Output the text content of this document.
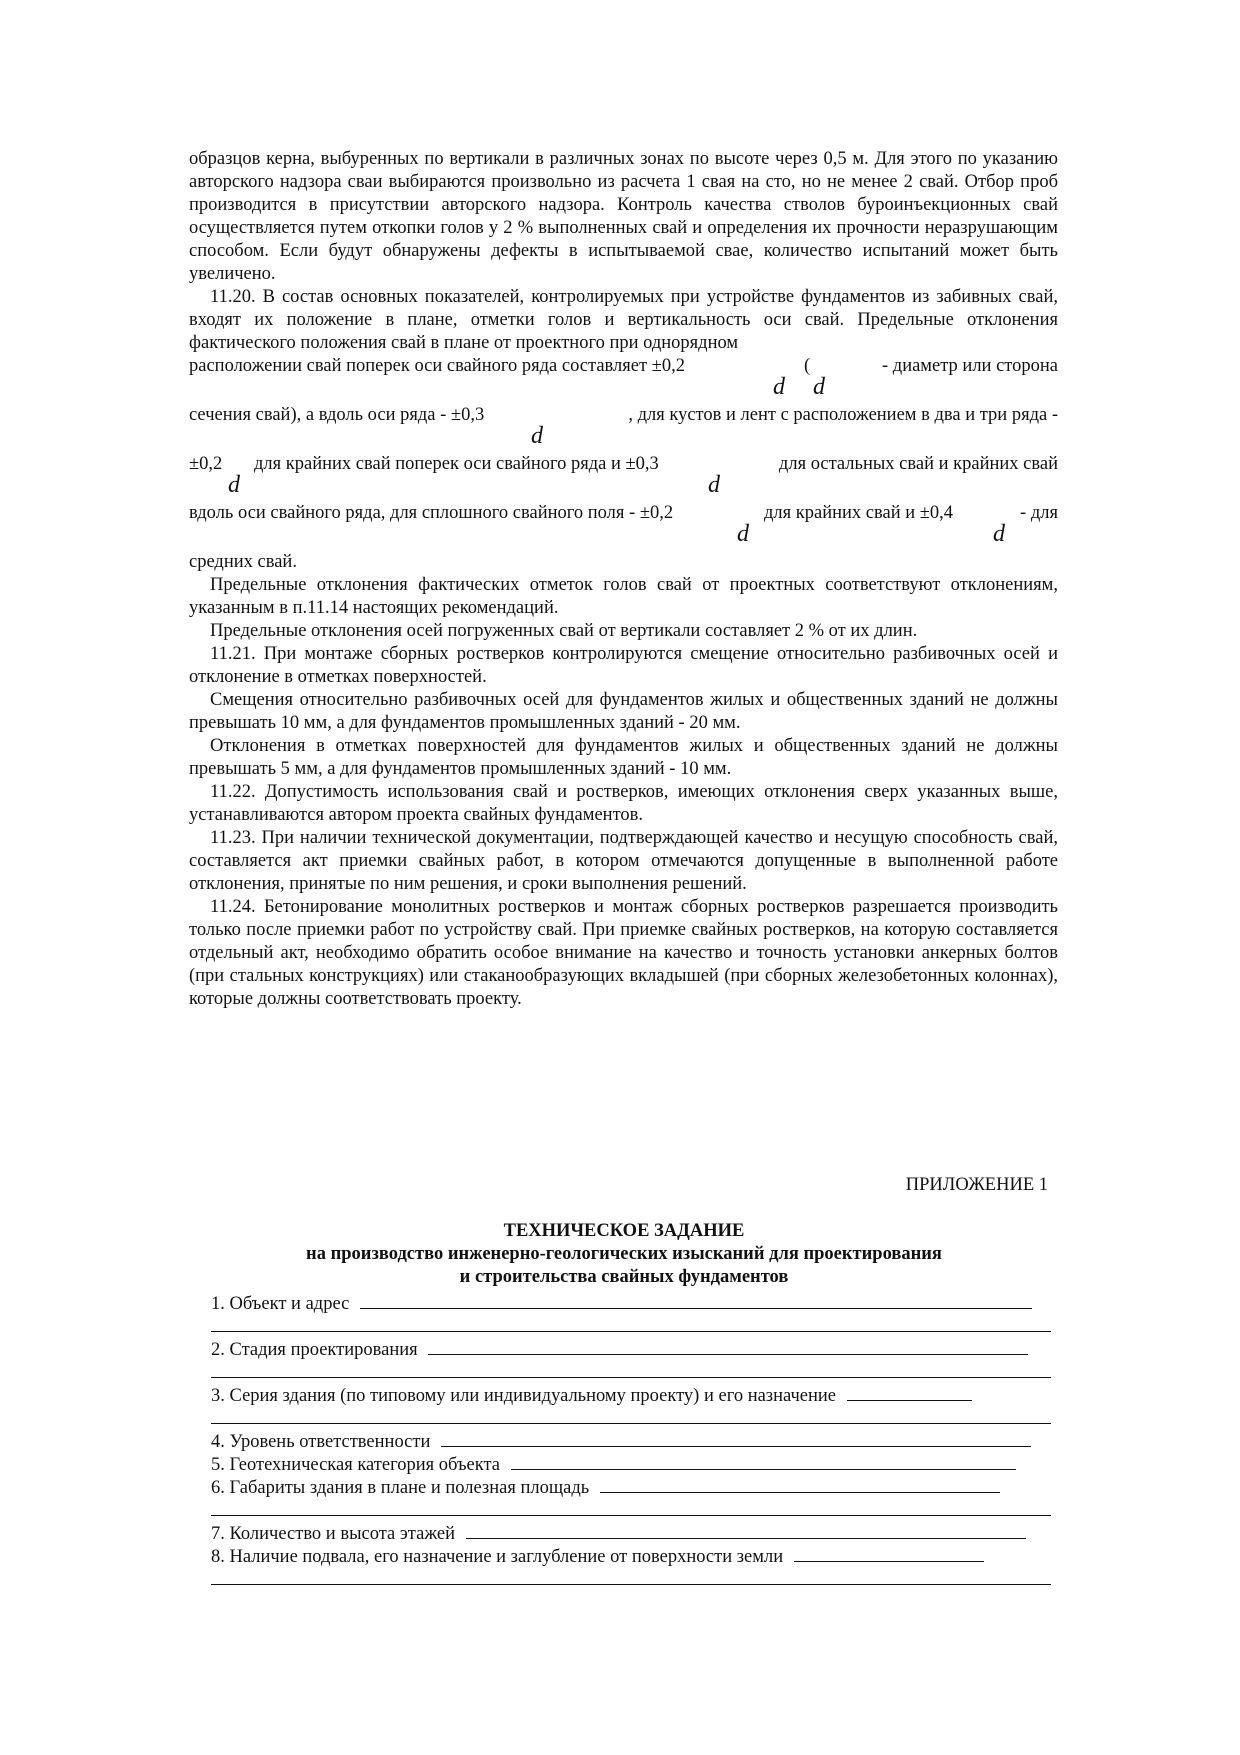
образцов керна, выбуренных по вертикали в различных зонах по высоте через 0,5 м. Для этого по указанию авторского надзора сваи выбираются произвольно из расчета 1 свая на сто, но не менее 2 свай. Отбор проб производится в присутствии авторского надзора. Контроль качества стволов буроинъекционных свай осуществляется путем откопки голов у 2 % выполненных свай и определения их прочности неразрушающим способом. Если будут обнаружены дефекты в испытываемой свае, количество испытаний может быть увеличено.

11.20. В состав основных показателей, контролируемых при устройстве фундаментов из забивных свай, входят их положение в плане, отметки голов и вертикальность оси свай. Предельные отклонения фактического положения свай в плане от проектного при однорядном

расположении свай поперек оси свайного ряда составляет ±0,2	(	- диаметр или сторона
d d
сечения свай), а вдоль оси ряда - ±0,3	, для кустов и лент с расположением в два и три ряда -
d
±0,2 для крайних свай поперек оси свайного ряда и ±0,3	для остальных свай и крайних свай
d	d
вдоль оси свайного ряда, для сплошного свайного поля - ±0,2	для крайних свай и ±0,4	- для
d	d

средних свай.

Предельные отклонения фактических отметок голов свай от проектных соответствуют отклонениям, указанным в п.11.14 настоящих рекомендаций.

Предельные отклонения осей погруженных свай от вертикали составляет 2 % от их длин.

11.21. При монтаже сборных ростверков контролируются смещение относительно разбивочных осей и отклонение в отметках поверхностей.

Смещения относительно разбивочных осей для фундаментов жилых и общественных зданий не должны превышать 10 мм, а для фундаментов промышленных зданий - 20 мм.

Отклонения в отметках поверхностей для фундаментов жилых и общественных зданий не должны превышать 5 мм, а для фундаментов промышленных зданий - 10 мм.

11.22. Допустимость использования свай и ростверков, имеющих отклонения сверх указанных выше, устанавливаются автором проекта свайных фундаментов.

11.23. При наличии технической документации, подтверждающей качество и несущую способность свай, составляется акт приемки свайных работ, в котором отмечаются допущенные в выполненной работе отклонения, принятые по ним решения, и сроки выполнения решений.

11.24. Бетонирование монолитных ростверков и монтаж сборных ростверков разрешается производить только после приемки работ по устройству свай. При приемке свайных ростверков, на которую составляется отдельный акт, необходимо обратить особое внимание на качество и точность установки анкерных болтов (при стальных конструкциях) или стаканообразующих вкладышей (при сборных железобетонных колоннах), которые должны соответствовать проекту.

ПРИЛОЖЕНИЕ 1
ТЕХНИЧЕСКОЕ ЗАДАНИЕ
на производство инженерно-геологических изысканий для проектирования
и строительства свайных фундаментов
1. Объект и адрес
2. Стадия проектирования
3. Серия здания (по типовому или индивидуальному проекту) и его назначение
4. Уровень ответственности
5. Геотехническая категория объекта
6. Габариты здания в плане и полезная площадь
7. Количество и высота этажей
8. Наличие подвала, его назначение и заглубление от поверхности земли
